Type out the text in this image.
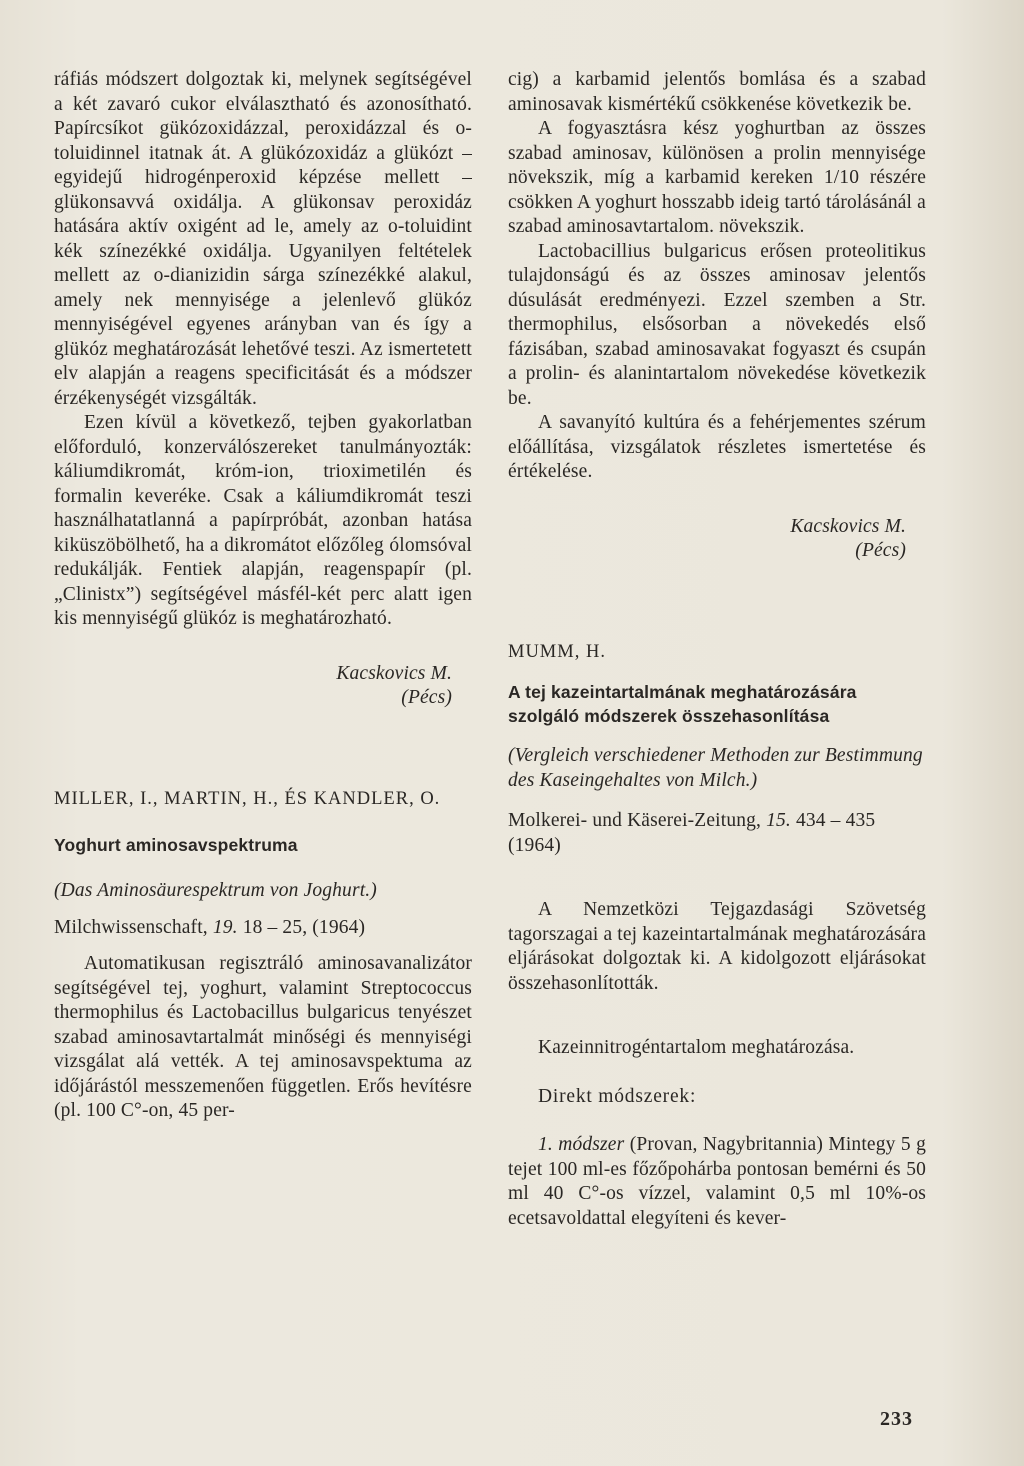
ráfiás módszert dolgoztak ki, melynek segítségével a két zavaró cukor elválasztható és azonosítható. Papírcsíkot gükózoxidázzal, peroxidázzal és o-toluidinnel itatnak át. A glükózoxidáz a glükózt – egyidejű hidrogénperoxid képzése mellett – glükonsavvá oxidálja. A glükonsav peroxidáz hatására aktív oxigént ad le, amely az o-toluidint kék színezékké oxidálja. Ugyanilyen feltételek mellett az o-dianizidin sárga színezékké alakul, amely nek mennyisége a jelenlevő glükóz mennyiségével egyenes arányban van és így a glükóz meghatározását lehetővé teszi. Az ismertetett elv alapján a reagens specificitását és a módszer érzékenységét vizsgálták.

Ezen kívül a következő, tejben gyakorlatban előforduló, konzerválószereket tanulmányozták: káliumdikromát, króm-ion, trioximetilén és formalin keveréke. Csak a káliumdikromát teszi használhatatlanná a papírpróbát, azonban hatása kiküszöbölhető, ha a dikromátot előzőleg ólomsóval redukálják. Fentiek alapján, reagenspapír (pl. „Clinistx”) segítségével másfél-két perc alatt igen kis mennyiségű glükóz is meghatározható.

Kacskovics M.
(Pécs)

MILLER, I., MARTIN, H., ÉS KANDLER, O.

Yoghurt aminosavspektruma

(Das Aminosäurespektrum von Joghurt.)

Milchwissenschaft, 19. 18 – 25, (1964)

Automatikusan regisztráló aminosavanalizátor segítségével tej, yoghurt, valamint Streptococcus thermophilus és Lactobacillus bulgaricus tenyészet szabad aminosavtartalmát minőségi és mennyiségi vizsgálat alá vették. A tej aminosavspektuma az időjárástól messzemenően független. Erős hevítésre (pl. 100 C°-on, 45 per-

cig) a karbamid jelentős bomlása és a szabad aminosavak kismértékű csökkenése következik be.

A fogyasztásra kész yoghurtban az összes szabad aminosav, különösen a prolin mennyisége növekszik, míg a karbamid kereken 1/10 részére csökken A yoghurt hosszabb ideig tartó tárolásánál a szabad aminosavtartalom. növekszik.

Lactobacillius bulgaricus erősen proteolitikus tulajdonságú és az összes aminosav jelentős dúsulását eredményezi. Ezzel szemben a Str. thermophilus, elsősorban a növekedés első fázisában, szabad aminosavakat fogyaszt és csupán a prolin- és alanintartalom növekedése következik be.

A savanyító kultúra és a fehérjementes szérum előállítása, vizsgálatok részletes ismertetése és értékelése.

Kacskovics M.
(Pécs)

MUMM, H.

A tej kazeintartalmának meghatározására szolgáló módszerek összehasonlítása

(Vergleich verschiedener Methoden zur Bestimmung des Kaseingehaltes von Milch.)

Molkerei- und Käserei-Zeitung, 15. 434 – 435 (1964)

A Nemzetközi Tejgazdasági Szövetség tagorszagai a tej kazeintartalmának meghatározására eljárásokat dolgoztak ki. A kidolgozott eljárásokat összehasonlították.

Kazeinnitrogéntartalom meghatározása.

Direkt módszerek:

1. módszer (Provan, Nagybritannia) Mintegy 5 g tejet 100 ml-es főzőpohárba pontosan bemérni és 50 ml 40 C°-os vízzel, valamint 0,5 ml 10%-os ecetsavoldattal elegyíteni és kever-

233
